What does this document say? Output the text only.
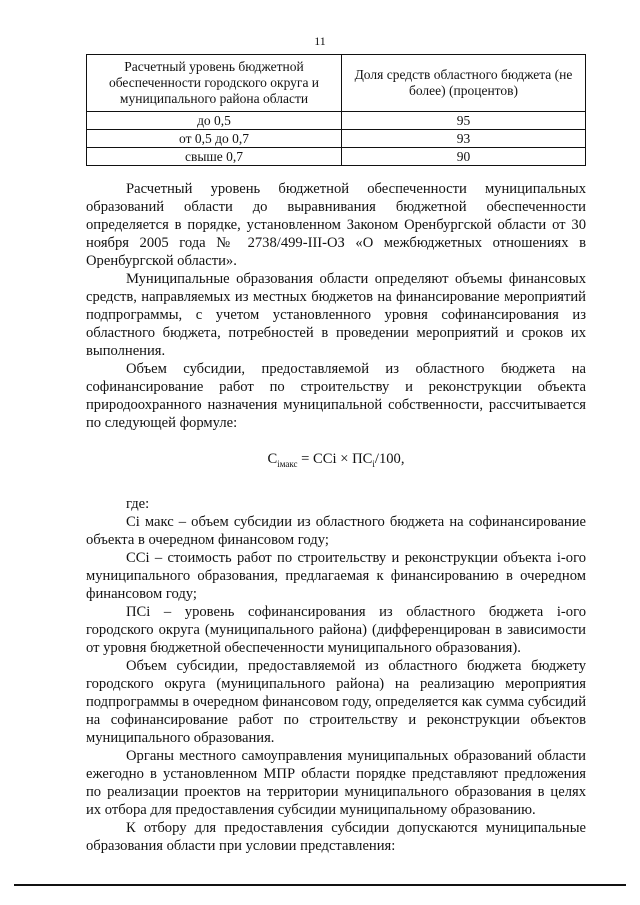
11
Расчетный уровень бюджетной обеспеченности городского округа и муниципального района области	Доля средств областного бюджета (не более) (процентов)
до 0,5	95
от 0,5 до 0,7	93
свыше 0,7	90

Расчетный уровень бюджетной обеспеченности муниципальных образований области до выравнивания бюджетной обеспеченности определяется в порядке, установленном Законом Оренбургской области от 30 ноября 2005 года № 2738/499-III-ОЗ «О межбюджетных отношениях в Оренбургской области».

Муниципальные образования области определяют объемы финансовых средств, направляемых из местных бюджетов на финансирование мероприятий подпрограммы, с учетом установленного уровня софинансирования из областного бюджета, потребностей в проведении мероприятий и сроков их выполнения.

Объем субсидии, предоставляемой из областного бюджета на софинансирование работ по строительству и реконструкции объекта природоохранного назначения муниципальной собственности, рассчитывается по следующей формуле:

$С_{iмакс}$ = ССi × $ПС_i/100$,

где:

Сi макс – объем субсидии из областного бюджета на софинансирование объекта в очередном финансовом году;

ССi – стоимость работ по строительству и реконструкции объекта i-ого муниципального образования, предлагаемая к финансированию в очередном финансовом году;

ПСi – уровень софинансирования из областного бюджета i-ого городского округа (муниципального района) (дифференцирован в зависимости от уровня бюджетной обеспеченности муниципального образования).

Объем субсидии, предоставляемой из областного бюджета бюджету городского округа (муниципального района) на реализацию мероприятия подпрограммы в очередном финансовом году, определяется как сумма субсидий на софинансирование работ по строительству и реконструкции объектов муниципального образования.

Органы местного самоуправления муниципальных образований области ежегодно в установленном МПР области порядке представляют предложения по реализации проектов на территории муниципального образования в целях их отбора для предоставления субсидии муниципальному образованию.

К отбору для предоставления субсидии допускаются муниципальные образования области при условии представления:
